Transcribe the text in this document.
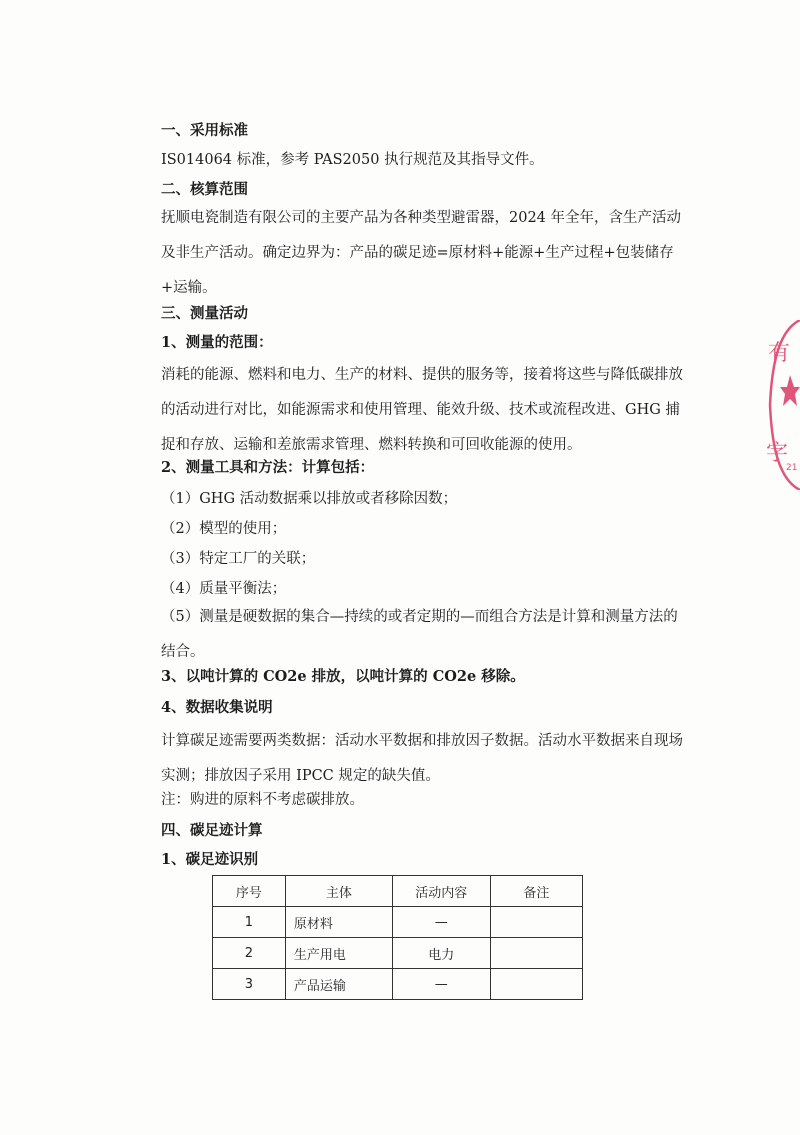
一、采用标准
IS014064 标准，参考 PAS2050 执行规范及其指导文件。
二、核算范围
抚顺电瓷制造有限公司的主要产品为各种类型避雷器，2024 年全年，含生产活动及非生产活动。确定边界为：产品的碳足迹=原材料+能源+生产过程+包装储存+运输。
三、测量活动
1、测量的范围：
消耗的能源、燃料和电力、生产的材料、提供的服务等，接着将这些与降低碳排放的活动进行对比，如能源需求和使用管理、能效升级、技术或流程改进、GHG 捕捉和存放、运输和差旅需求管理、燃料转换和可回收能源的使用。
2、测量工具和方法：计算包括：
（1）GHG 活动数据乘以排放或者移除因数；
（2）模型的使用；
（3）特定工厂的关联；
（4）质量平衡法；
（5）测量是硬数据的集合—持续的或者定期的—而组合方法是计算和测量方法的结合。
3、以吨计算的 CO2e 排放，以吨计算的 CO2e 移除。
4、数据收集说明
计算碳足迹需要两类数据：活动水平数据和排放因子数据。活动水平数据来自现场实测；排放因子采用 IPCC 规定的缺失值。
注：购进的原料不考虑碳排放。
四、碳足迹计算
1、碳足迹识别
序号	主体	活动内容	备注
1	原材料	—	
2	生产用电	电力	
3	产品运输	—	
有
字
21
